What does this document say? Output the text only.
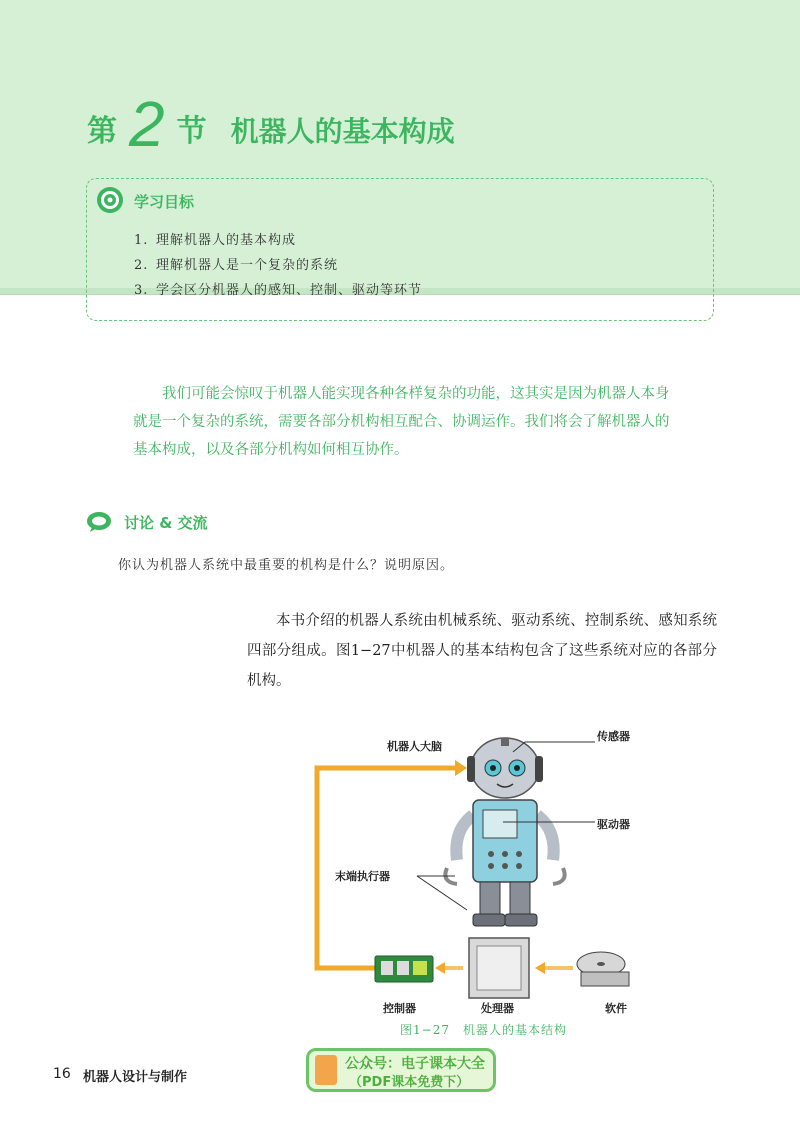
第 2 节 机器人的基本构成
学习目标
1. 理解机器人的基本构成
2. 理解机器人是一个复杂的系统
3. 学会区分机器人的感知、控制、驱动等环节

我们可能会惊叹于机器人能实现各种各样复杂的功能，这其实是因为机器人本身就是一个复杂的系统，需要各部分机构相互配合、协调运作。我们将会了解机器人的基本构成，以及各部分机构如何相互协作。

讨论 & 交流
你认为机器人系统中最重要的机构是什么？说明原因。

本书介绍的机器人系统由机械系统、驱动系统、控制系统、感知系统四部分组成。图1−27中机器人的基本结构包含了这些系统对应的各部分机构。

机器人大脑
传感器
驱动器
末端执行器
控制器	处理器	软件
图1−27　机器人的基本结构
16 机器人设计与制作
公众号：电子课本大全
（PDF课本免费下）
